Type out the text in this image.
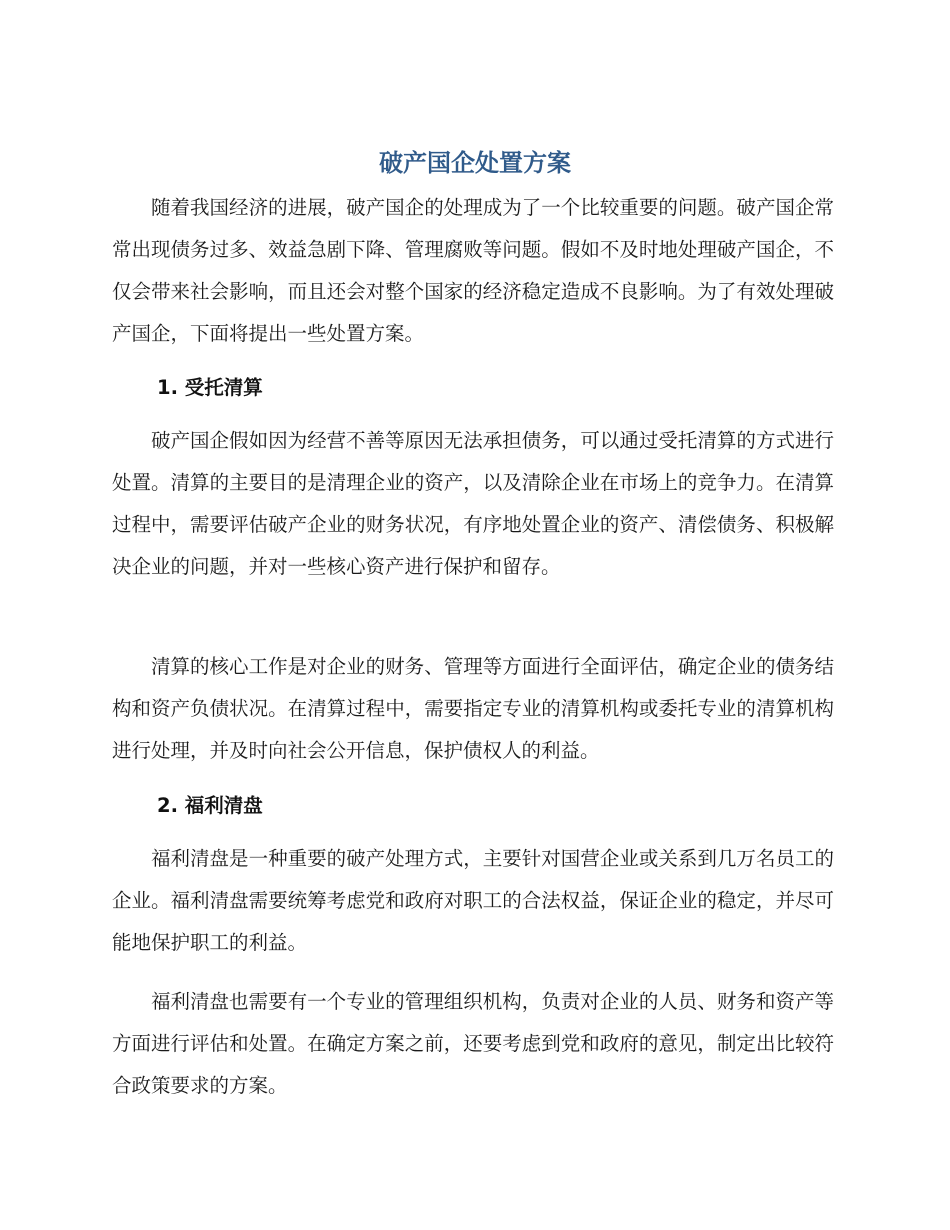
破产国企处置方案

随着我国经济的进展，破产国企的处理成为了一个比较重要的问题。破产国企常常出现债务过多、效益急剧下降、管理腐败等问题。假如不及时地处理破产国企，不仅会带来社会影响，而且还会对整个国家的经济稳定造成不良影响。为了有效处理破产国企，下面将提出一些处置方案。

1. 受托清算

破产国企假如因为经营不善等原因无法承担债务，可以通过受托清算的方式进行处置。清算的主要目的是清理企业的资产，以及清除企业在市场上的竞争力。在清算过程中，需要评估破产企业的财务状况，有序地处置企业的资产、清偿债务、积极解决企业的问题，并对一些核心资产进行保护和留存。

清算的核心工作是对企业的财务、管理等方面进行全面评估，确定企业的债务结构和资产负债状况。在清算过程中，需要指定专业的清算机构或委托专业的清算机构进行处理，并及时向社会公开信息，保护债权人的利益。

2. 福利清盘

福利清盘是一种重要的破产处理方式，主要针对国营企业或关系到几万名员工的企业。福利清盘需要统筹考虑党和政府对职工的合法权益，保证企业的稳定，并尽可能地保护职工的利益。

福利清盘也需要有一个专业的管理组织机构，负责对企业的人员、财务和资产等方面进行评估和处置。在确定方案之前，还要考虑到党和政府的意见，制定出比较符合政策要求的方案。
